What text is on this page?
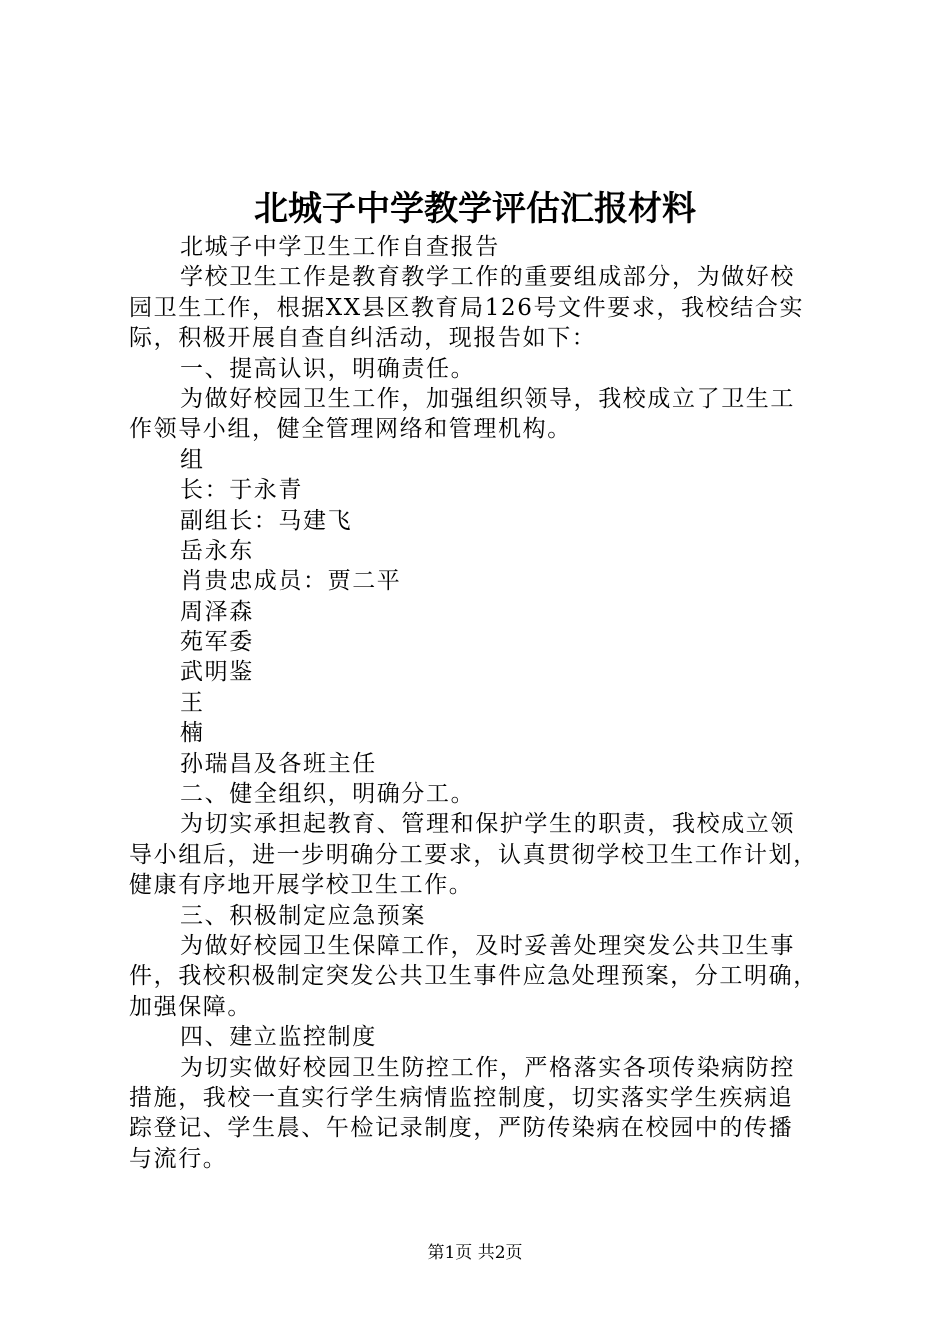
北城子中学教学评估汇报材料

北城子中学卫生工作自查报告

学校卫生工作是教育教学工作的重要组成部分，为做好校

园卫生工作，根据XX县区教育局126号文件要求，我校结合实

际，积极开展自查自纠活动，现报告如下：

一、提高认识，明确责任。

为做好校园卫生工作，加强组织领导，我校成立了卫生工

作领导小组，健全管理网络和管理机构。

组

长：于永青

副组长：马建飞

岳永东

肖贵忠成员：贾二平

周泽森

苑军委

武明鉴

王

楠

孙瑞昌及各班主任

二、健全组织，明确分工。

为切实承担起教育、管理和保护学生的职责，我校成立领

导小组后，进一步明确分工要求，认真贯彻学校卫生工作计划，

健康有序地开展学校卫生工作。

三、积极制定应急预案

为做好校园卫生保障工作，及时妥善处理突发公共卫生事

件，我校积极制定突发公共卫生事件应急处理预案，分工明确，

加强保障。

四、建立监控制度

为切实做好校园卫生防控工作，严格落实各项传染病防控

措施，我校一直实行学生病情监控制度，切实落实学生疾病追

踪登记、学生晨、午检记录制度，严防传染病在校园中的传播

与流行。

第1页 共2页
